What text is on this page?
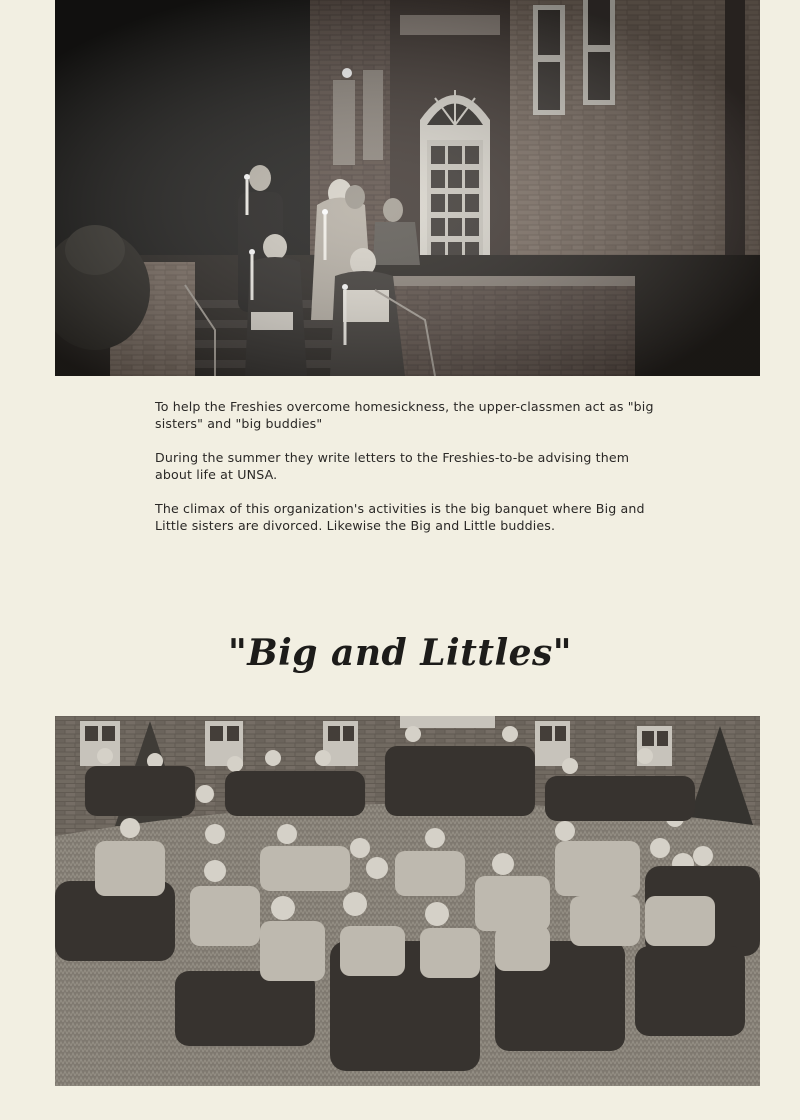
To help the Freshies overcome homesickness, the upper-classmen act as "big sisters" and "big buddies"

During the summer they write letters to the Freshies-to-be advising them about life at UNSA.

The climax of this organization's activities is the big banquet where Big and Little sisters are divorced. Likewise the Big and Little buddies.

"Big and Littles"
